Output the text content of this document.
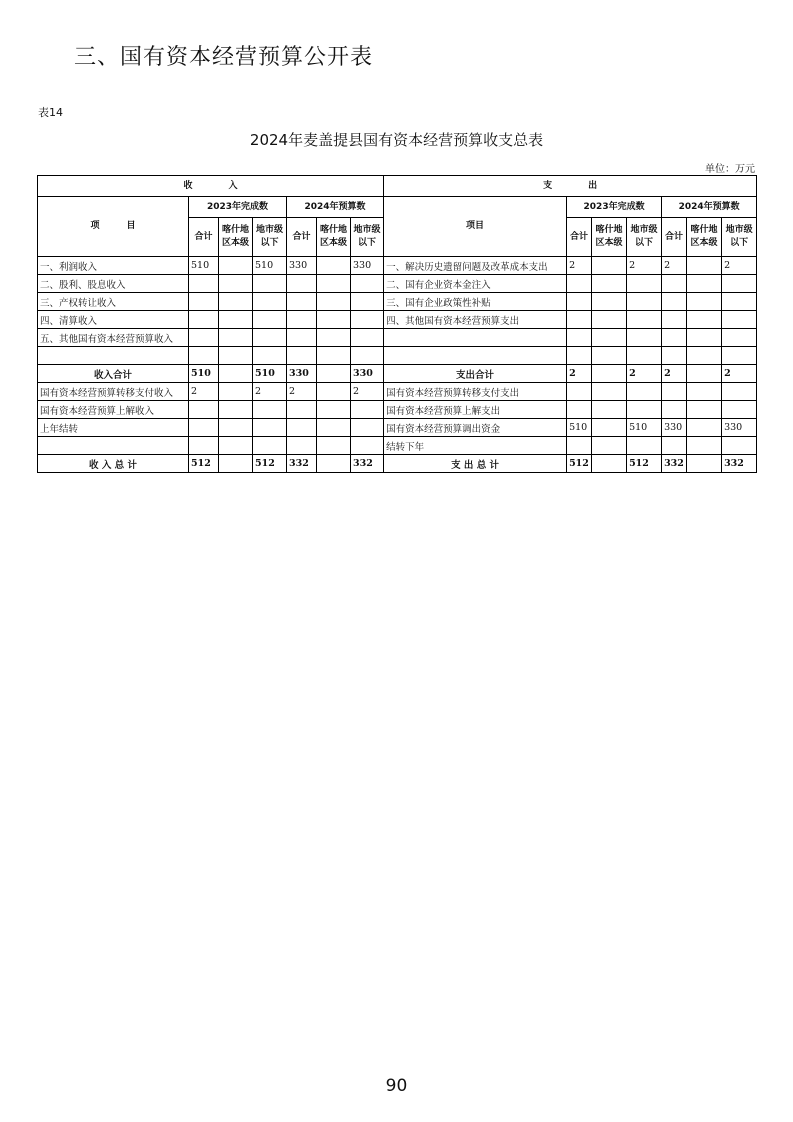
三、国有资本经营预算公开表
表14
2024年麦盖提县国有资本经营预算收支总表
单位：万元
收　　　　入							支　　　　出						
项　　　目	2023年完成数			2024年预算数			项目	2023年完成数			2024年预算数		
	合计	喀什地区本级	地市级以下	合计	喀什地区本级	地市级以下		合计	喀什地区本级	地市级以下	合计	喀什地区本级	地市级以下
一、利润收入	510		510	330		330	一、解决历史遗留问题及改革成本支出	2		2	2		2
二、股利、股息收入							二、国有企业资本金注入						
三、产权转让收入							三、国有企业政策性补贴						
四、清算收入							四、其他国有资本经营预算支出						
五、其他国有资本经营预算收入													

收入合计	510		510	330		330	支出合计	2		2	2		2
国有资本经营预算转移支付收入	2		2	2		2	国有资本经营预算转移支付支出						
国有资本经营预算上解收入							国有资本经营预算上解支出						
上年结转							国有资本经营预算调出资金	510		510	330		330
							结转下年						
收 入 总 计	512		512	332		332	支 出 总 计	512		512	332		332
90
